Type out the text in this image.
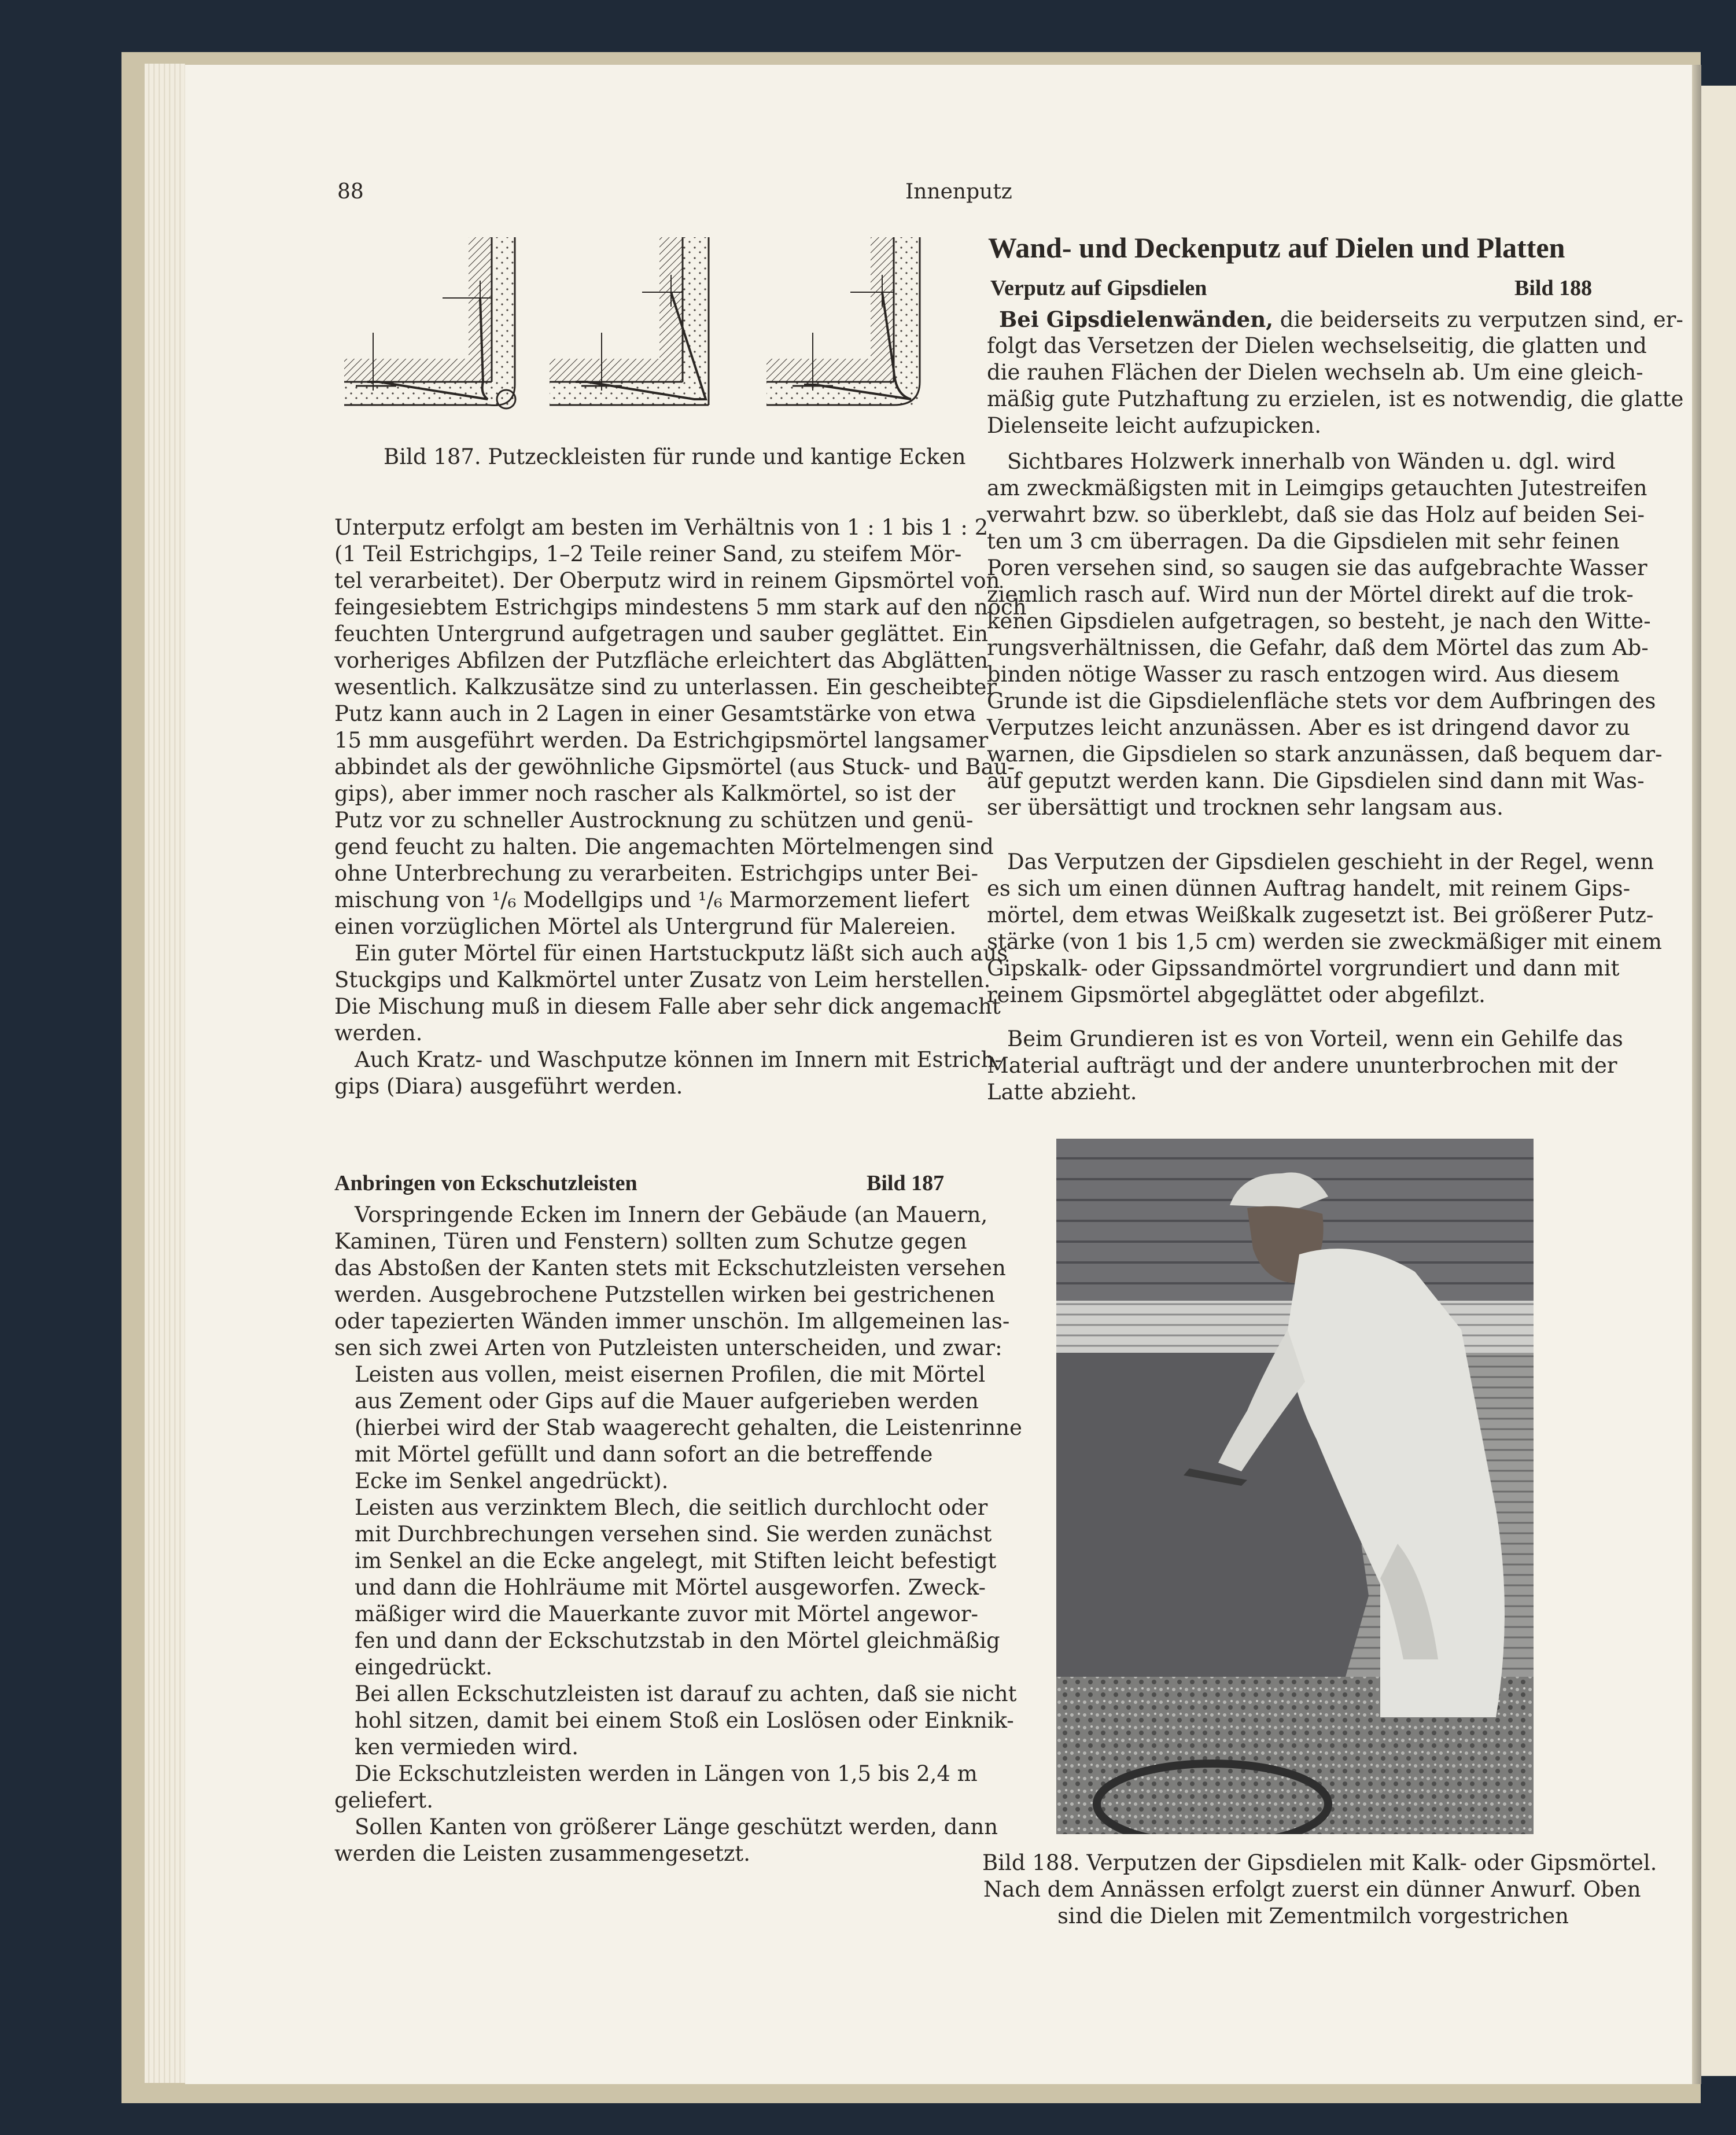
88	Innenputz
Bild 187. Putzeckleisten für runde und kantige Ecken
Unterputz erfolgt am besten im Verhältnis von 1 : 1 bis 1 : 2
(1 Teil Estrichgips, 1–2 Teile reiner Sand, zu steifem Mör-
tel verarbeitet). Der Oberputz wird in reinem Gipsmörtel von
feingesiebtem Estrichgips mindestens 5 mm stark auf den noch
feuchten Untergrund aufgetragen und sauber geglättet. Ein
vorheriges Abfilzen der Putzfläche erleichtert das Abglätten
wesentlich. Kalkzusätze sind zu unterlassen. Ein gescheibter
Putz kann auch in 2 Lagen in einer Gesamtstärke von etwa
15 mm ausgeführt werden. Da Estrichgipsmörtel langsamer
abbindet als der gewöhnliche Gipsmörtel (aus Stuck- und Bau-
gips), aber immer noch rascher als Kalkmörtel, so ist der
Putz vor zu schneller Austrocknung zu schützen und genü-
gend feucht zu halten. Die angemachten Mörtelmengen sind
ohne Unterbrechung zu verarbeiten. Estrichgips unter Bei-
mischung von ¹/₆ Modellgips und ¹/₆ Marmorzement liefert
einen vorzüglichen Mörtel als Untergrund für Malereien.
Ein guter Mörtel für einen Hartstuckputz läßt sich auch aus
Stuckgips und Kalkmörtel unter Zusatz von Leim herstellen.
Die Mischung muß in diesem Falle aber sehr dick angemacht
werden.
Auch Kratz- und Waschputze können im Innern mit Estrich-
gips (Diara) ausgeführt werden.
Anbringen von Eckschutzleisten	Bild 187
Vorspringende Ecken im Innern der Gebäude (an Mauern,
Kaminen, Türen und Fenstern) sollten zum Schutze gegen
das Abstoßen der Kanten stets mit Eckschutzleisten versehen
werden. Ausgebrochene Putzstellen wirken bei gestrichenen
oder tapezierten Wänden immer unschön. Im allgemeinen las-
sen sich zwei Arten von Putzleisten unterscheiden, und zwar:
Leisten aus vollen, meist eisernen Profilen, die mit Mörtel
aus Zement oder Gips auf die Mauer aufgerieben werden
(hierbei wird der Stab waagerecht gehalten, die Leistenrinne
mit Mörtel gefüllt und dann sofort an die betreffende
Ecke im Senkel angedrückt).
Leisten aus verzinktem Blech, die seitlich durchlocht oder
mit Durchbrechungen versehen sind. Sie werden zunächst
im Senkel an die Ecke angelegt, mit Stiften leicht befestigt
und dann die Hohlräume mit Mörtel ausgeworfen. Zweck-
mäßiger wird die Mauerkante zuvor mit Mörtel angewor-
fen und dann der Eckschutzstab in den Mörtel gleichmäßig
eingedrückt.
Bei allen Eckschutzleisten ist darauf zu achten, daß sie nicht
hohl sitzen, damit bei einem Stoß ein Loslösen oder Einknik-
ken vermieden wird.
Die Eckschutzleisten werden in Längen von 1,5 bis 2,4 m
geliefert.
Sollen Kanten von größerer Länge geschützt werden, dann
werden die Leisten zusammengesetzt.
Wand- und Deckenputz auf Dielen und Platten
Verputz auf Gipsdielen	Bild 188
Bei Gipsdielenwänden, die beiderseits zu verputzen sind, er-
folgt das Versetzen der Dielen wechselseitig, die glatten und
die rauhen Flächen der Dielen wechseln ab. Um eine gleich-
mäßig gute Putzhaftung zu erzielen, ist es notwendig, die glatte
Dielenseite leicht aufzupicken.
Sichtbares Holzwerk innerhalb von Wänden u. dgl. wird
am zweckmäßigsten mit in Leimgips getauchten Jutestreifen
verwahrt bzw. so überklebt, daß sie das Holz auf beiden Sei-
ten um 3 cm überragen. Da die Gipsdielen mit sehr feinen
Poren versehen sind, so saugen sie das aufgebrachte Wasser
ziemlich rasch auf. Wird nun der Mörtel direkt auf die trok-
kenen Gipsdielen aufgetragen, so besteht, je nach den Witte-
rungsverhältnissen, die Gefahr, daß dem Mörtel das zum Ab-
binden nötige Wasser zu rasch entzogen wird. Aus diesem
Grunde ist die Gipsdielenfläche stets vor dem Aufbringen des
Verputzes leicht anzunässen. Aber es ist dringend davor zu
warnen, die Gipsdielen so stark anzunässen, daß bequem dar-
auf geputzt werden kann. Die Gipsdielen sind dann mit Was-
ser übersättigt und trocknen sehr langsam aus.
Das Verputzen der Gipsdielen geschieht in der Regel, wenn
es sich um einen dünnen Auftrag handelt, mit reinem Gips-
mörtel, dem etwas Weißkalk zugesetzt ist. Bei größerer Putz-
stärke (von 1 bis 1,5 cm) werden sie zweckmäßiger mit einem
Gipskalk- oder Gipssandmörtel vorgrundiert und dann mit
reinem Gipsmörtel abgeglättet oder abgefilzt.
Beim Grundieren ist es von Vorteil, wenn ein Gehilfe das
Material aufträgt und der andere ununterbrochen mit der
Latte abzieht.
Bild 188. Verputzen der Gipsdielen mit Kalk- oder Gipsmörtel.
Nach dem Annässen erfolgt zuerst ein dünner Anwurf. Oben
sind die Dielen mit Zementmilch vorgestrichen
